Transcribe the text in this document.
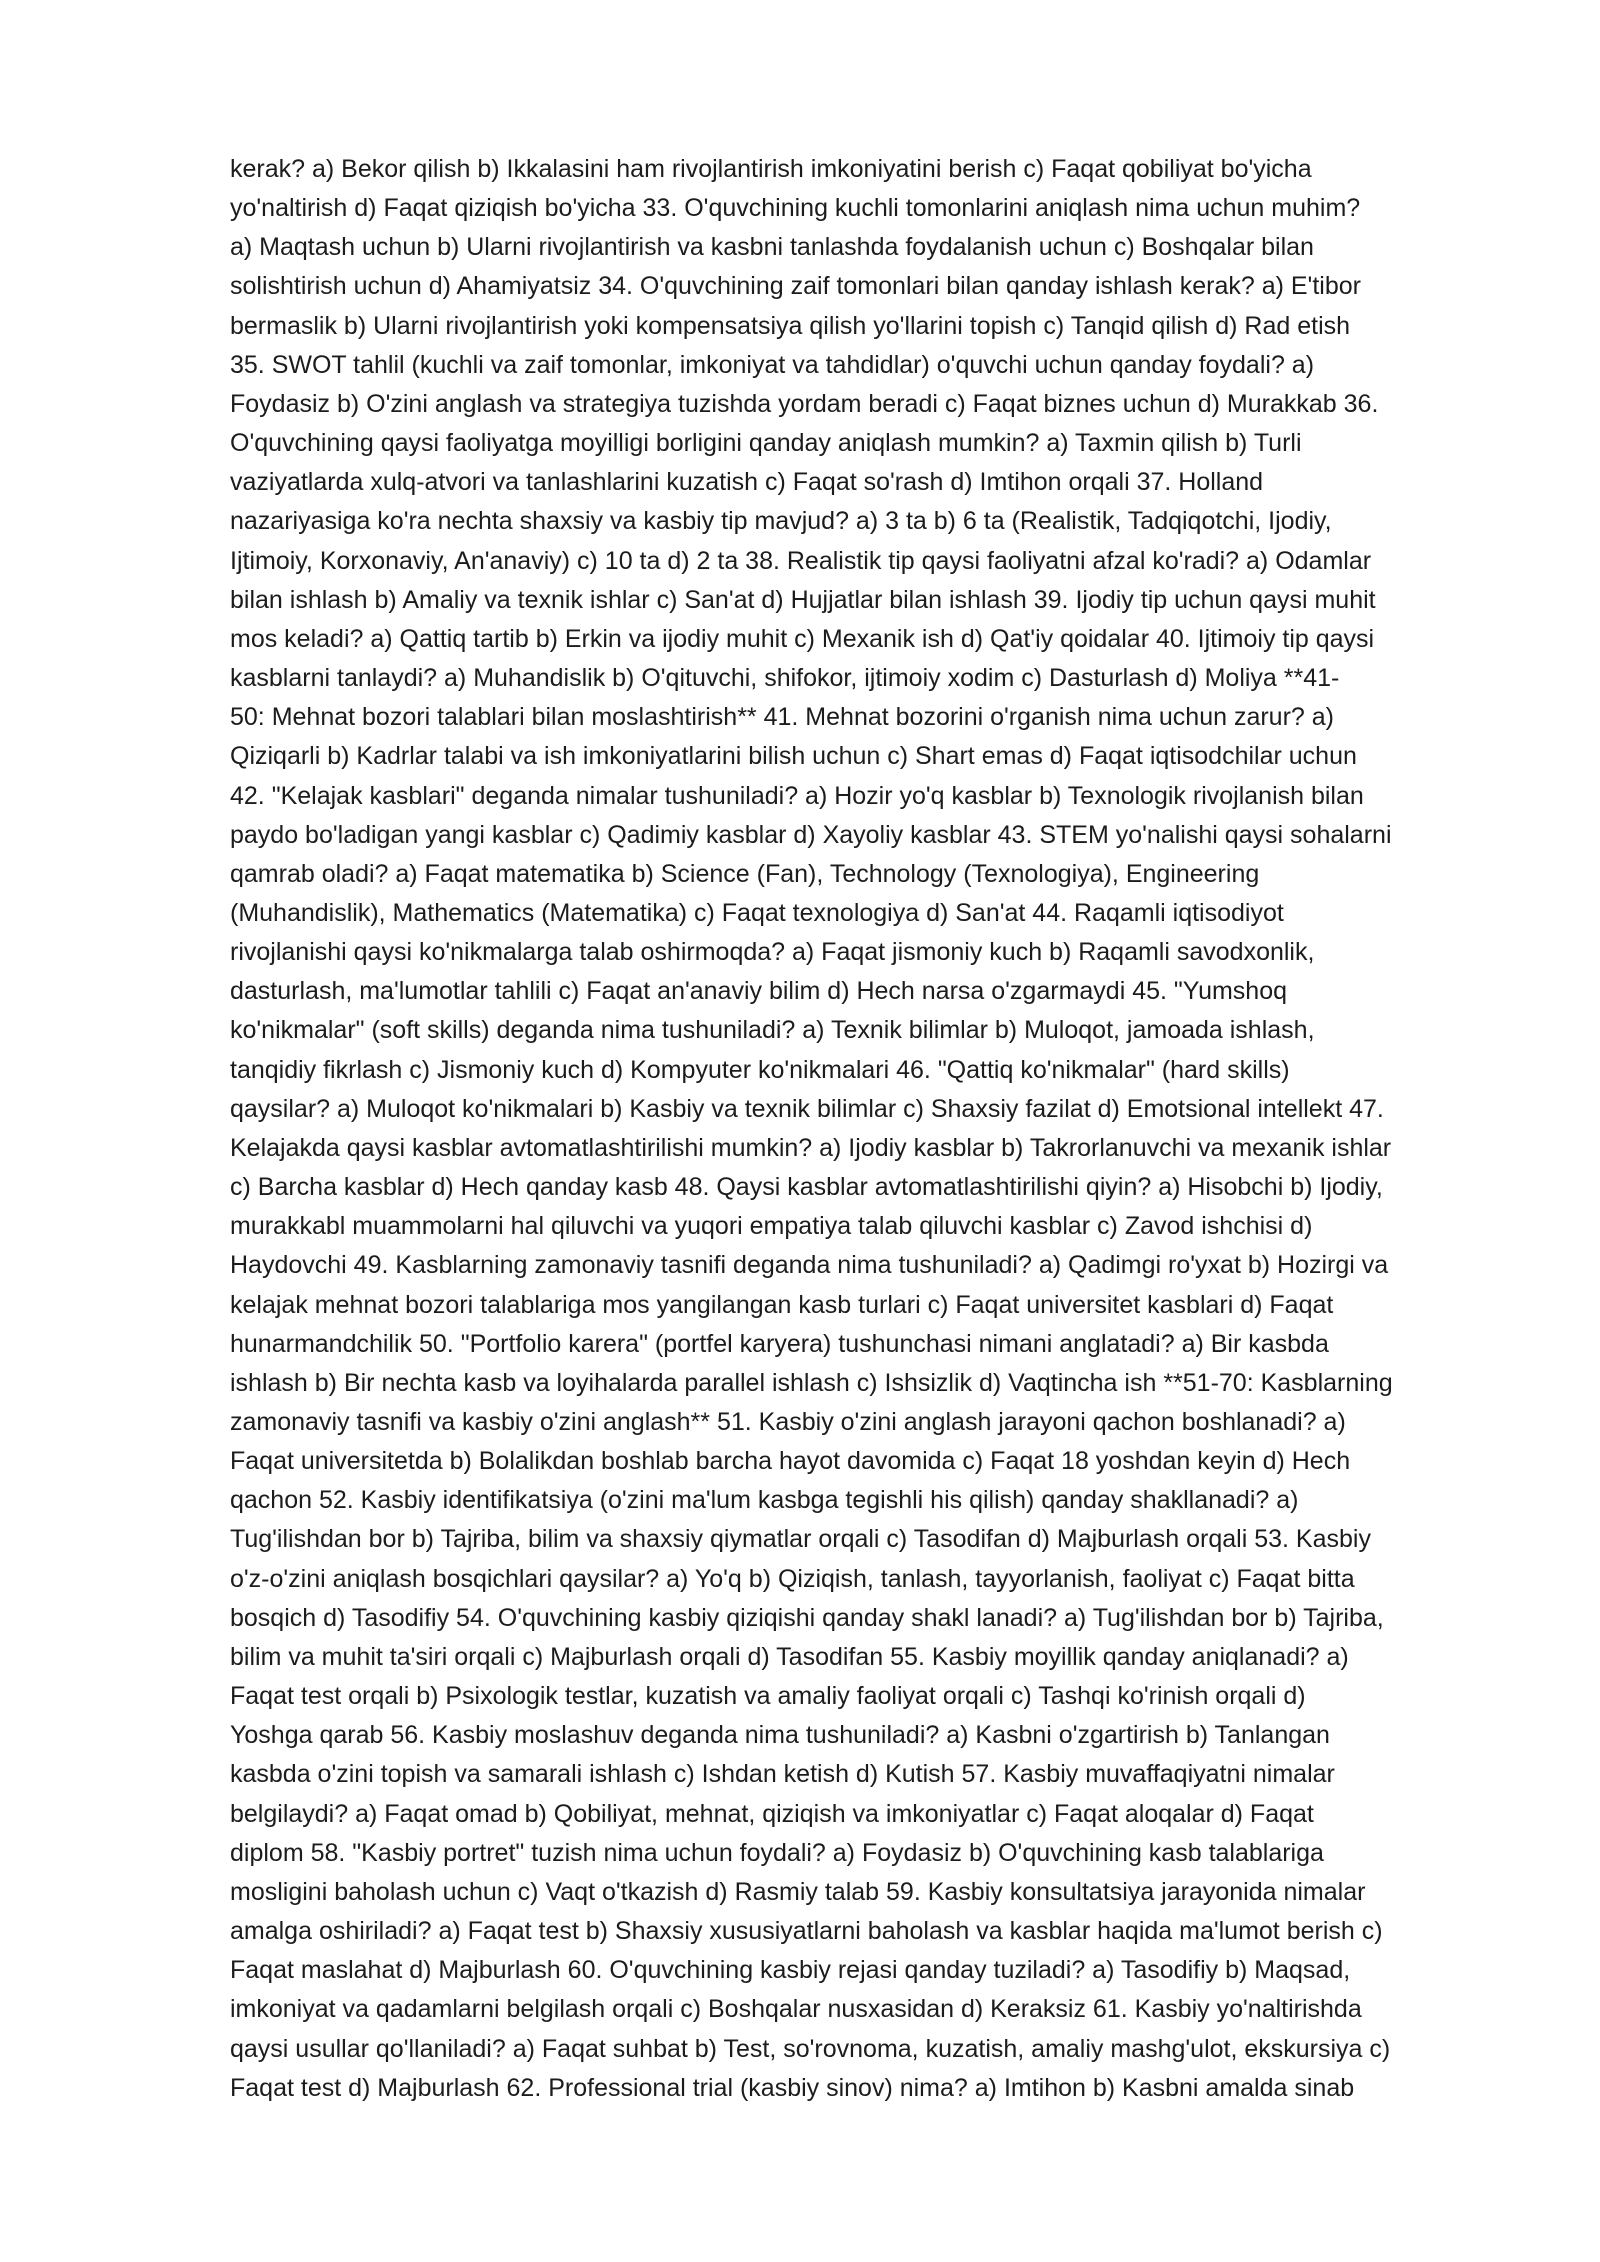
kerak? a) Bekor qilish b) Ikkalasini ham rivojlantirish imkoniyatini berish c) Faqat qobiliyat bo'yicha
yo'naltirish d) Faqat qiziqish bo'yicha 33. O'quvchining kuchli tomonlarini aniqlash nima uchun muhim?
a) Maqtash uchun b) Ularni rivojlantirish va kasbni tanlashda foydalanish uchun c) Boshqalar bilan
solishtirish uchun d) Ahamiyatsiz 34. O'quvchining zaif tomonlari bilan qanday ishlash kerak? a) E'tibor
bermaslik b) Ularni rivojlantirish yoki kompensatsiya qilish yo'llarini topish c) Tanqid qilish d) Rad etish
35. SWOT tahlil (kuchli va zaif tomonlar, imkoniyat va tahdidlar) o'quvchi uchun qanday foydali? a)
Foydasiz b) O'zini anglash va strategiya tuzishda yordam beradi c) Faqat biznes uchun d) Murakkab 36.
O'quvchining qaysi faoliyatga moyilligi borligini qanday aniqlash mumkin? a) Taxmin qilish b) Turli
vaziyatlarda xulq-atvori va tanlashlarini kuzatish c) Faqat so'rash d) Imtihon orqali 37. Holland
nazariyasiga ko'ra nechta shaxsiy va kasbiy tip mavjud? a) 3 ta b) 6 ta (Realistik, Tadqiqotchi, Ijodiy,
Ijtimoiy, Korxonaviy, An'anaviy) c) 10 ta d) 2 ta 38. Realistik tip qaysi faoliyatni afzal ko'radi? a) Odamlar
bilan ishlash b) Amaliy va texnik ishlar c) San'at d) Hujjatlar bilan ishlash 39. Ijodiy tip uchun qaysi muhit
mos keladi? a) Qattiq tartib b) Erkin va ijodiy muhit c) Mexanik ish d) Qat'iy qoidalar 40. Ijtimoiy tip qaysi
kasblarni tanlaydi? a) Muhandislik b) O'qituvchi, shifokor, ijtimoiy xodim c) Dasturlash d) Moliya **41-
50: Mehnat bozori talablari bilan moslashtirish** 41. Mehnat bozorini o'rganish nima uchun zarur? a)
Qiziqarli b) Kadrlar talabi va ish imkoniyatlarini bilish uchun c) Shart emas d) Faqat iqtisodchilar uchun
42. "Kelajak kasblari" deganda nimalar tushuniladi? a) Hozir yo'q kasblar b) Texnologik rivojlanish bilan
paydo bo'ladigan yangi kasblar c) Qadimiy kasblar d) Xayoliy kasblar 43. STEM yo'nalishi qaysi sohalarni
qamrab oladi? a) Faqat matematika b) Science (Fan), Technology (Texnologiya), Engineering
(Muhandislik), Mathematics (Matematika) c) Faqat texnologiya d) San'at 44. Raqamli iqtisodiyot
rivojlanishi qaysi ko'nikmalarga talab oshirmoqda? a) Faqat jismoniy kuch b) Raqamli savodxonlik,
dasturlash, ma'lumotlar tahlili c) Faqat an'anaviy bilim d) Hech narsa o'zgarmaydi 45. "Yumshoq
ko'nikmalar" (soft skills) deganda nima tushuniladi? a) Texnik bilimlar b) Muloqot, jamoada ishlash,
tanqidiy fikrlash c) Jismoniy kuch d) Kompyuter ko'nikmalari 46. "Qattiq ko'nikmalar" (hard skills)
qaysilar? a) Muloqot ko'nikmalari b) Kasbiy va texnik bilimlar c) Shaxsiy fazilat d) Emotsional intellekt 47.
Kelajakda qaysi kasblar avtomatlashtirilishi mumkin? a) Ijodiy kasblar b) Takrorlanuvchi va mexanik ishlar
c) Barcha kasblar d) Hech qanday kasb 48. Qaysi kasblar avtomatlashtirilishi qiyin? a) Hisobchi b) Ijodiy,
murakkabl muammolarni hal qiluvchi va yuqori empatiya talab qiluvchi kasblar c) Zavod ishchisi d)
Haydovchi 49. Kasblarning zamonaviy tasnifi deganda nima tushuniladi? a) Qadimgi ro'yxat b) Hozirgi va
kelajak mehnat bozori talablariga mos yangilangan kasb turlari c) Faqat universitet kasblari d) Faqat
hunarmandchilik 50. "Portfolio karera" (portfel karyera) tushunchasi nimani anglatadi? a) Bir kasbda
ishlash b) Bir nechta kasb va loyihalarda parallel ishlash c) Ishsizlik d) Vaqtincha ish **51-70: Kasblarning
zamonaviy tasnifi va kasbiy o'zini anglash** 51. Kasbiy o'zini anglash jarayoni qachon boshlanadi? a)
Faqat universitetda b) Bolalikdan boshlab barcha hayot davomida c) Faqat 18 yoshdan keyin d) Hech
qachon 52. Kasbiy identifikatsiya (o'zini ma'lum kasbga tegishli his qilish) qanday shakllanadi? a)
Tug'ilishdan bor b) Tajriba, bilim va shaxsiy qiymatlar orqali c) Tasodifan d) Majburlash orqali 53. Kasbiy
o'z-o'zini aniqlash bosqichlari qaysilar? a) Yo'q b) Qiziqish, tanlash, tayyorlanish, faoliyat c) Faqat bitta
bosqich d) Tasodifiy 54. O'quvchining kasbiy qiziqishi qanday shakl lanadi? a) Tug'ilishdan bor b) Tajriba,
bilim va muhit ta'siri orqali c) Majburlash orqali d) Tasodifan 55. Kasbiy moyillik qanday aniqlanadi? a)
Faqat test orqali b) Psixologik testlar, kuzatish va amaliy faoliyat orqali c) Tashqi ko'rinish orqali d)
Yoshga qarab 56. Kasbiy moslashuv deganda nima tushuniladi? a) Kasbni o'zgartirish b) Tanlangan
kasbda o'zini topish va samarali ishlash c) Ishdan ketish d) Kutish 57. Kasbiy muvaffaqiyatni nimalar
belgilaydi? a) Faqat omad b) Qobiliyat, mehnat, qiziqish va imkoniyatlar c) Faqat aloqalar d) Faqat
diplom 58. "Kasbiy portret" tuzish nima uchun foydali? a) Foydasiz b) O'quvchining kasb talablariga
mosligini baholash uchun c) Vaqt o'tkazish d) Rasmiy talab 59. Kasbiy konsultatsiya jarayonida nimalar
amalga oshiriladi? a) Faqat test b) Shaxsiy xususiyatlarni baholash va kasblar haqida ma'lumot berish c)
Faqat maslahat d) Majburlash 60. O'quvchining kasbiy rejasi qanday tuziladi? a) Tasodifiy b) Maqsad,
imkoniyat va qadamlarni belgilash orqali c) Boshqalar nusxasidan d) Keraksiz 61. Kasbiy yo'naltirishda
qaysi usullar qo'llaniladi? a) Faqat suhbat b) Test, so'rovnoma, kuzatish, amaliy mashg'ulot, ekskursiya c)
Faqat test d) Majburlash 62. Professional trial (kasbiy sinov) nima? a) Imtihon b) Kasbni amalda sinab
